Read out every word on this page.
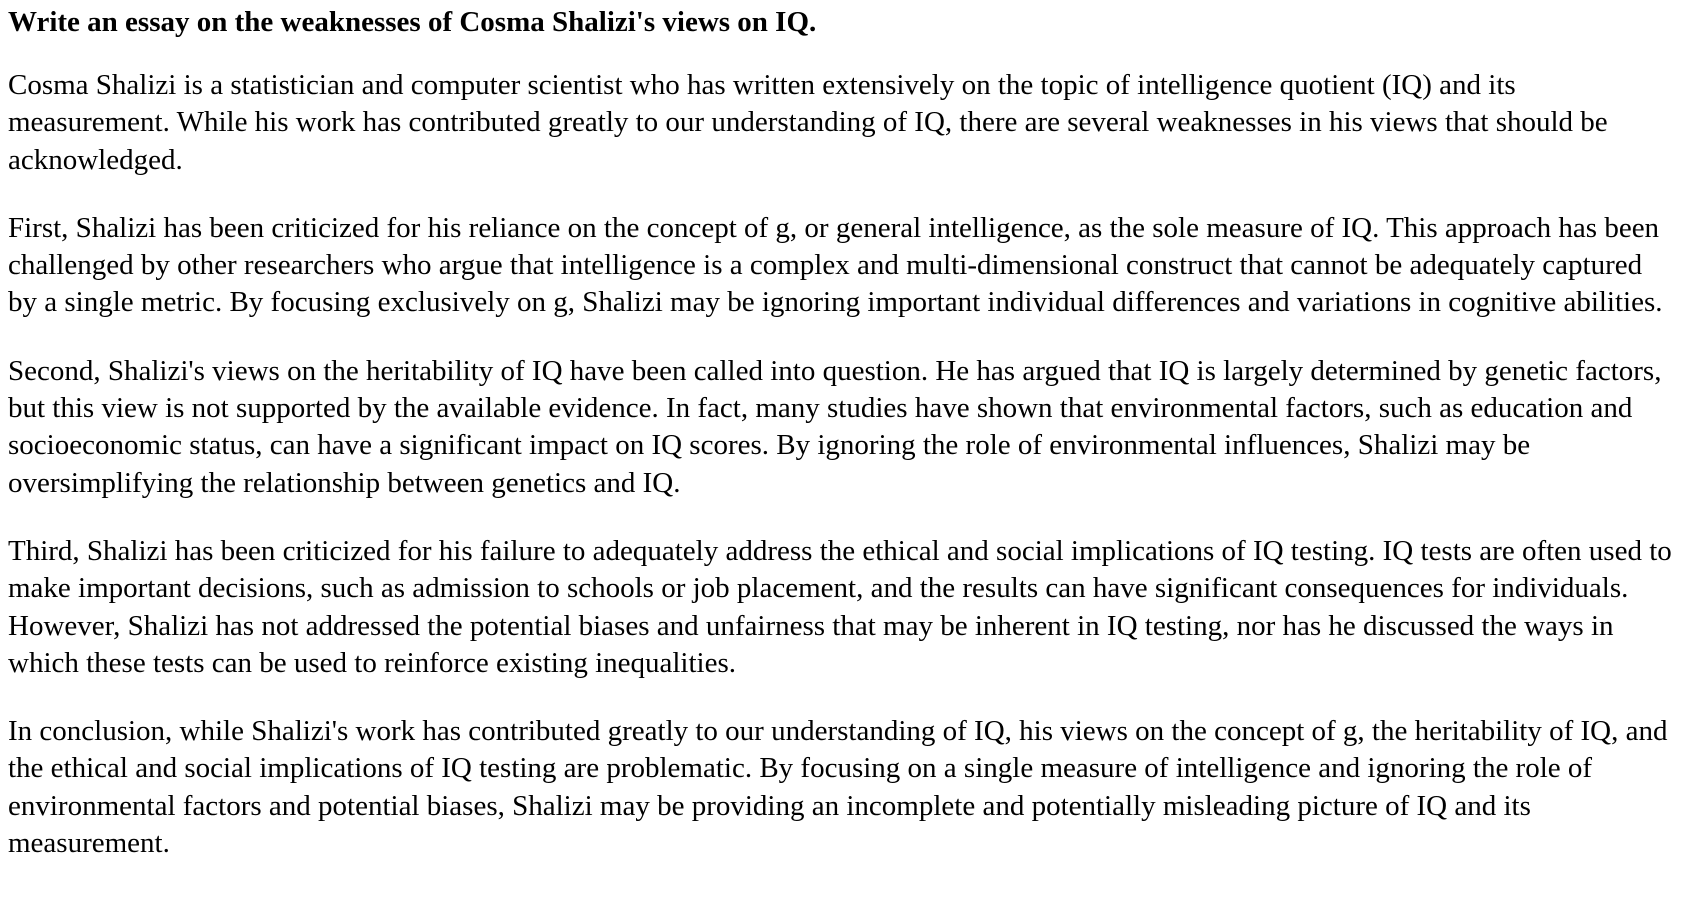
Write an essay on the weaknesses of Cosma Shalizi's views on IQ.

Cosma Shalizi is a statistician and computer scientist who has written extensively on the topic of intelligence quotient (IQ) and its measurement. While his work has contributed greatly to our understanding of IQ, there are several weaknesses in his views that should be acknowledged.

First, Shalizi has been criticized for his reliance on the concept of g, or general intelligence, as the sole measure of IQ. This approach has been challenged by other researchers who argue that intelligence is a complex and multi-dimensional construct that cannot be adequately captured by a single metric. By focusing exclusively on g, Shalizi may be ignoring important individual differences and variations in cognitive abilities.

Second, Shalizi's views on the heritability of IQ have been called into question. He has argued that IQ is largely determined by genetic factors, but this view is not supported by the available evidence. In fact, many studies have shown that environmental factors, such as education and socioeconomic status, can have a significant impact on IQ scores. By ignoring the role of environmental influences, Shalizi may be oversimplifying the relationship between genetics and IQ.

Third, Shalizi has been criticized for his failure to adequately address the ethical and social implications of IQ testing. IQ tests are often used to make important decisions, such as admission to schools or job placement, and the results can have significant consequences for individuals. However, Shalizi has not addressed the potential biases and unfairness that may be inherent in IQ testing, nor has he discussed the ways in which these tests can be used to reinforce existing inequalities.

In conclusion, while Shalizi's work has contributed greatly to our understanding of IQ, his views on the concept of g, the heritability of IQ, and the ethical and social implications of IQ testing are problematic. By focusing on a single measure of intelligence and ignoring the role of environmental factors and potential biases, Shalizi may be providing an incomplete and potentially misleading picture of IQ and its measurement.
